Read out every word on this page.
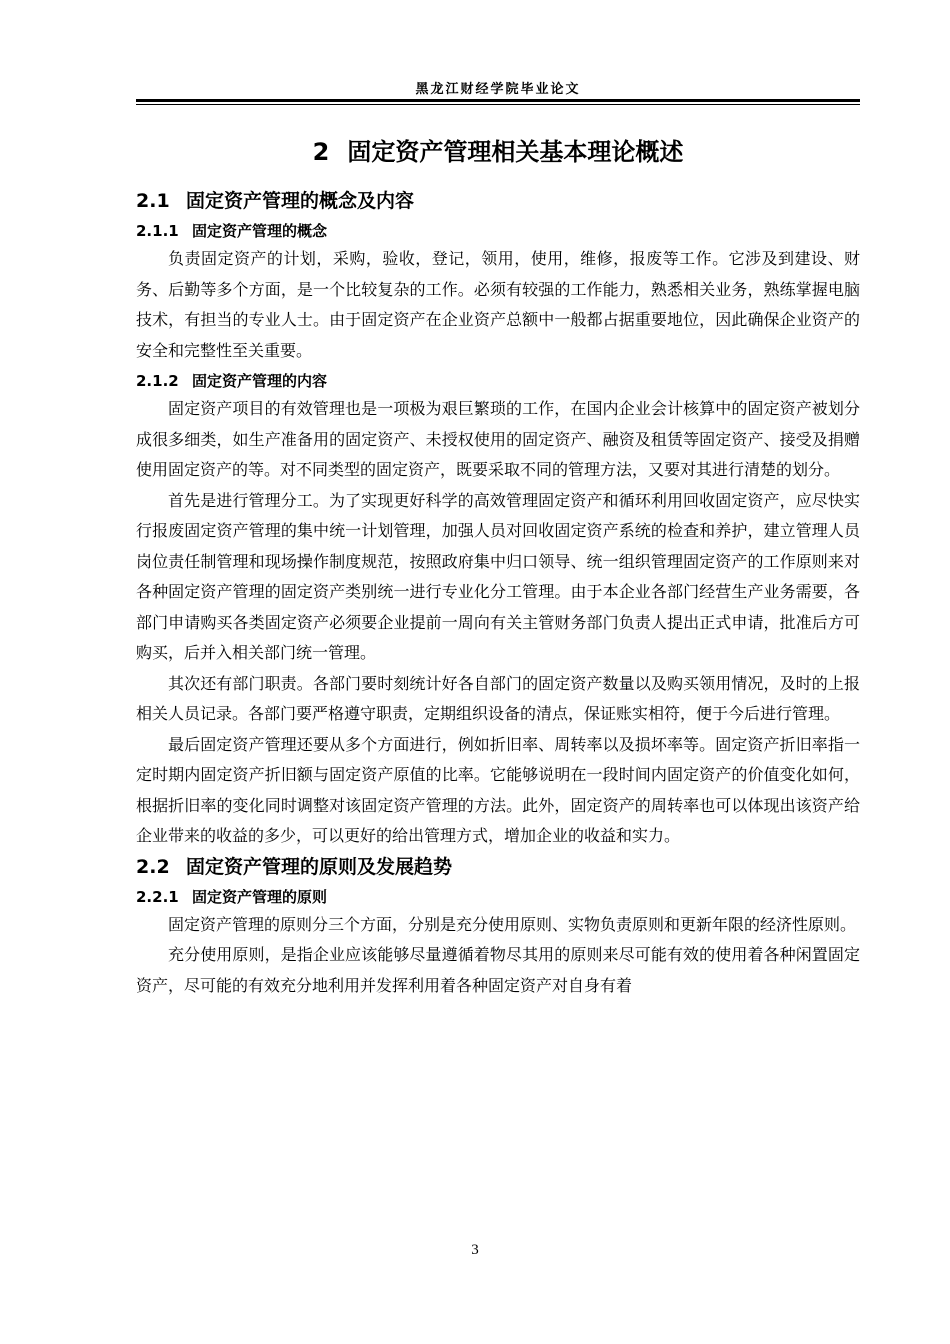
黑龙江财经学院毕业论文
2 固定资产管理相关基本理论概述
2.1 固定资产管理的概念及内容
2.1.1 固定资产管理的概念

负责固定资产的计划，采购，验收，登记，领用，使用，维修，报废等工作。它涉及到建设、财务、后勤等多个方面，是一个比较复杂的工作。必须有较强的工作能力，熟悉相关业务，熟练掌握电脑技术，有担当的专业人士。由于固定资产在企业资产总额中一般都占据重要地位，因此确保企业资产的安全和完整性至关重要。

2.1.2 固定资产管理的内容

固定资产项目的有效管理也是一项极为艰巨繁琐的工作，在国内企业会计核算中的固定资产被划分成很多细类，如生产准备用的固定资产、未授权使用的固定资产、融资及租赁等固定资产、接受及捐赠使用固定资产的等。对不同类型的固定资产，既要采取不同的管理方法，又要对其进行清楚的划分。

首先是进行管理分工。为了实现更好科学的高效管理固定资产和循环利用回收固定资产，应尽快实行报废固定资产管理的集中统一计划管理，加强人员对回收固定资产系统的检查和养护，建立管理人员岗位责任制管理和现场操作制度规范，按照政府集中归口领导、统一组织管理固定资产的工作原则来对各种固定资产管理的固定资产类别统一进行专业化分工管理。由于本企业各部门经营生产业务需要，各部门申请购买各类固定资产必须要企业提前一周向有关主管财务部门负责人提出正式申请，批准后方可购买，后并入相关部门统一管理。

其次还有部门职责。各部门要时刻统计好各自部门的固定资产数量以及购买领用情况，及时的上报相关人员记录。各部门要严格遵守职责，定期组织设备的清点，保证账实相符，便于今后进行管理。

最后固定资产管理还要从多个方面进行，例如折旧率、周转率以及损坏率等。固定资产折旧率指一定时期内固定资产折旧额与固定资产原值的比率。它能够说明在一段时间内固定资产的价值变化如何，根据折旧率的变化同时调整对该固定资产管理的方法。此外，固定资产的周转率也可以体现出该资产给企业带来的收益的多少，可以更好的给出管理方式，增加企业的收益和实力。

2.2 固定资产管理的原则及发展趋势
2.2.1 固定资产管理的原则

固定资产管理的原则分三个方面，分别是充分使用原则、实物负责原则和更新年限的经济性原则。

充分使用原则，是指企业应该能够尽量遵循着物尽其用的原则来尽可能有效的使用着各种闲置固定资产，尽可能的有效充分地利用并发挥利用着各种固定资产对自身有着

3
